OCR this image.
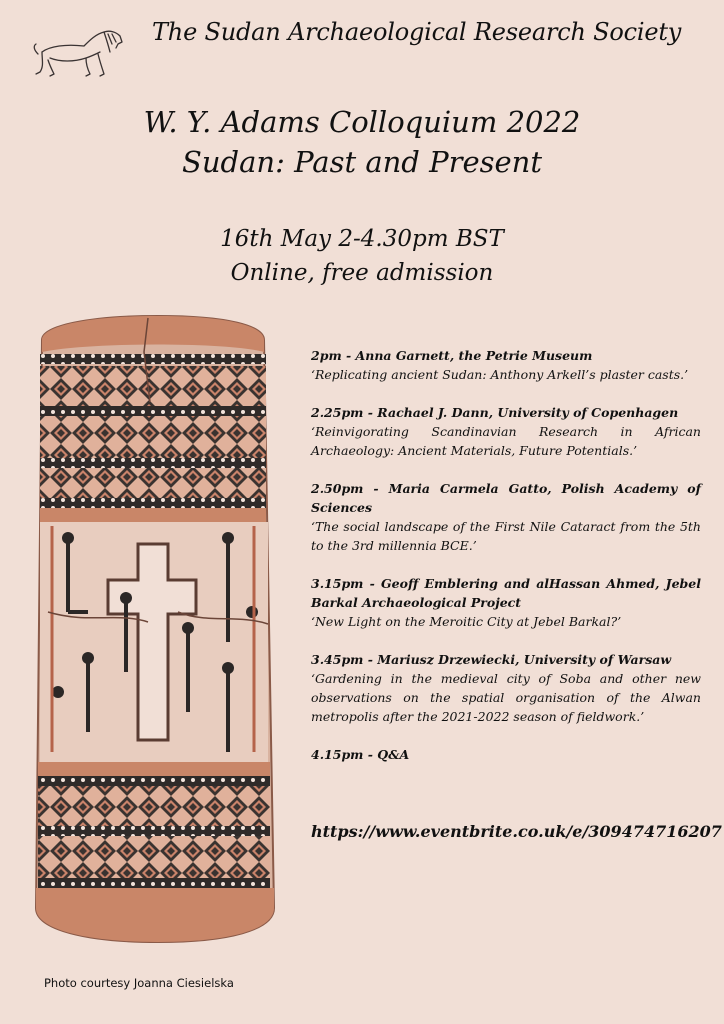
The Sudan Archaeological Research Society
W. Y. Adams Colloquium 2022
Sudan: Past and Present
16th May 2-4.30pm BST
Online, free admission
2pm - Anna Garnett, the Petrie Museum
‘Replicating ancient Sudan: Anthony Arkell’s plaster casts.’
2.25pm - Rachael J. Dann, University of Copenhagen
‘Reinvigorating Scandinavian Research in African Archaeology: Ancient Materials, Future Potentials.’
2.50pm - Maria Carmela Gatto, Polish Academy of Sciences
‘The social landscape of the First Nile Cataract from the 5th to the 3rd millennia BCE.’
3.15pm - Geoff Emblering and alHassan Ahmed, Jebel Barkal Archaeological Project
‘New Light on the Meroitic City at Jebel Barkal?’
3.45pm - Mariusz Drzewiecki, University of Warsaw
‘Gardening in the medieval city of Soba and other new observations on the spatial organisation of the Alwan metropolis after the 2021-2022 season of fieldwork.’
4.15pm - Q&A
https://www.eventbrite.co.uk/e/309474716207
Photo courtesy Joanna Ciesielska
